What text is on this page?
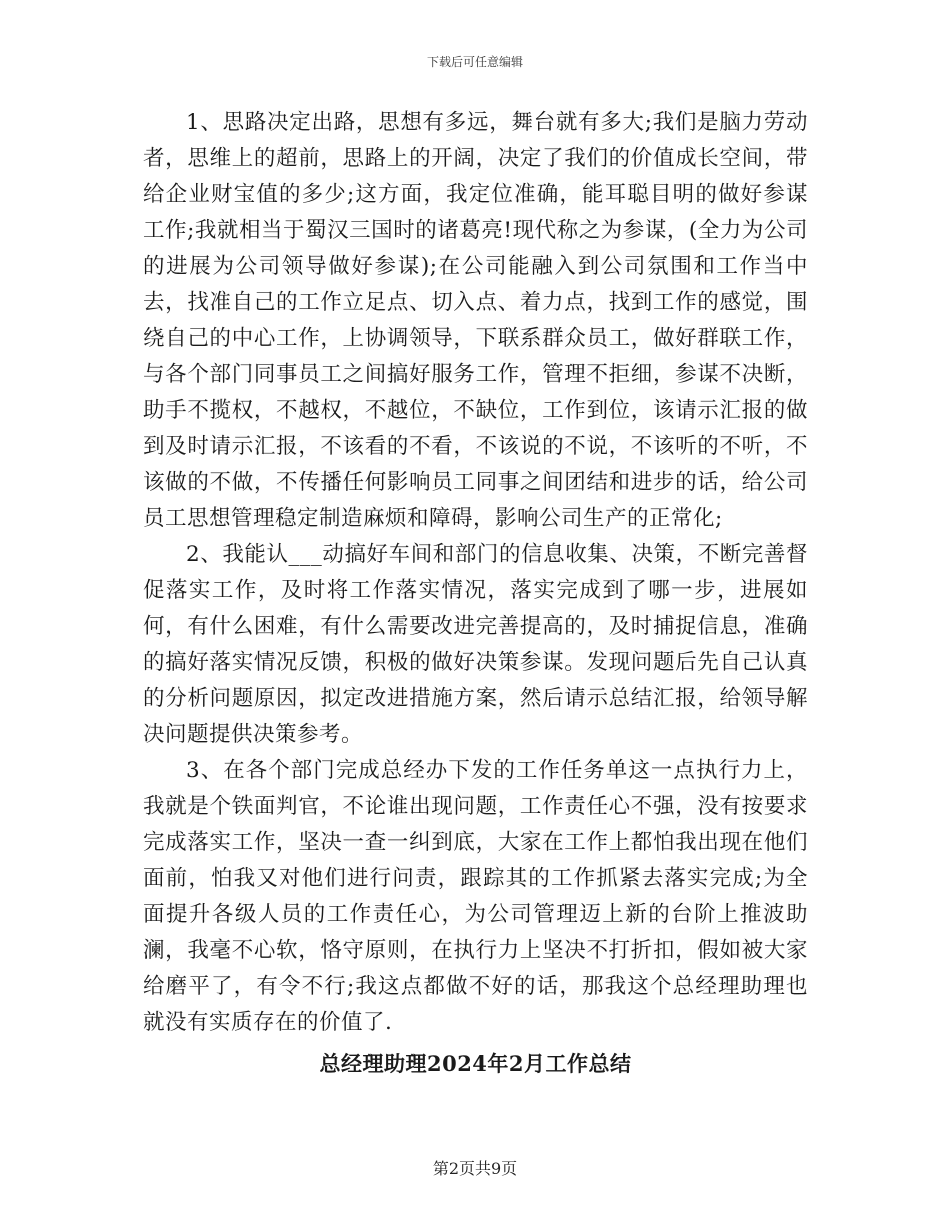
下载后可任意编辑

1、思路决定出路，思想有多远，舞台就有多大;我们是脑力劳动者，思维上的超前，思路上的开阔，决定了我们的价值成长空间，带给企业财宝值的多少;这方面，我定位准确，能耳聪目明的做好参谋工作;我就相当于蜀汉三国时的诸葛亮!现代称之为参谋，(全力为公司的进展为公司领导做好参谋);在公司能融入到公司氛围和工作当中去，找准自己的工作立足点、切入点、着力点，找到工作的感觉，围绕自己的中心工作，上协调领导，下联系群众员工，做好群联工作，与各个部门同事员工之间搞好服务工作，管理不拒细，参谋不决断，助手不揽权，不越权，不越位，不缺位，工作到位，该请示汇报的做到及时请示汇报，不该看的不看，不该说的不说，不该听的不听，不该做的不做，不传播任何影响员工同事之间团结和进步的话，给公司员工思想管理稳定制造麻烦和障碍，影响公司生产的正常化;

2、我能认___动搞好车间和部门的信息收集、决策，不断完善督促落实工作，及时将工作落实情况，落实完成到了哪一步，进展如何，有什么困难，有什么需要改进完善提高的，及时捕捉信息，准确的搞好落实情况反馈，积极的做好决策参谋。发现问题后先自己认真的分析问题原因，拟定改进措施方案，然后请示总结汇报，给领导解决问题提供决策参考。

3、在各个部门完成总经办下发的工作任务单这一点执行力上，我就是个铁面判官，不论谁出现问题，工作责任心不强，没有按要求完成落实工作，坚决一查一纠到底，大家在工作上都怕我出现在他们面前，怕我又对他们进行问责，跟踪其的工作抓紧去落实完成;为全面提升各级人员的工作责任心，为公司管理迈上新的台阶上推波助澜，我毫不心软，恪守原则，在执行力上坚决不打折扣，假如被大家给磨平了，有令不行;我这点都做不好的话，那我这个总经理助理也就没有实质存在的价值了.

总经理助理2024年2月工作总结
第2页共9页
